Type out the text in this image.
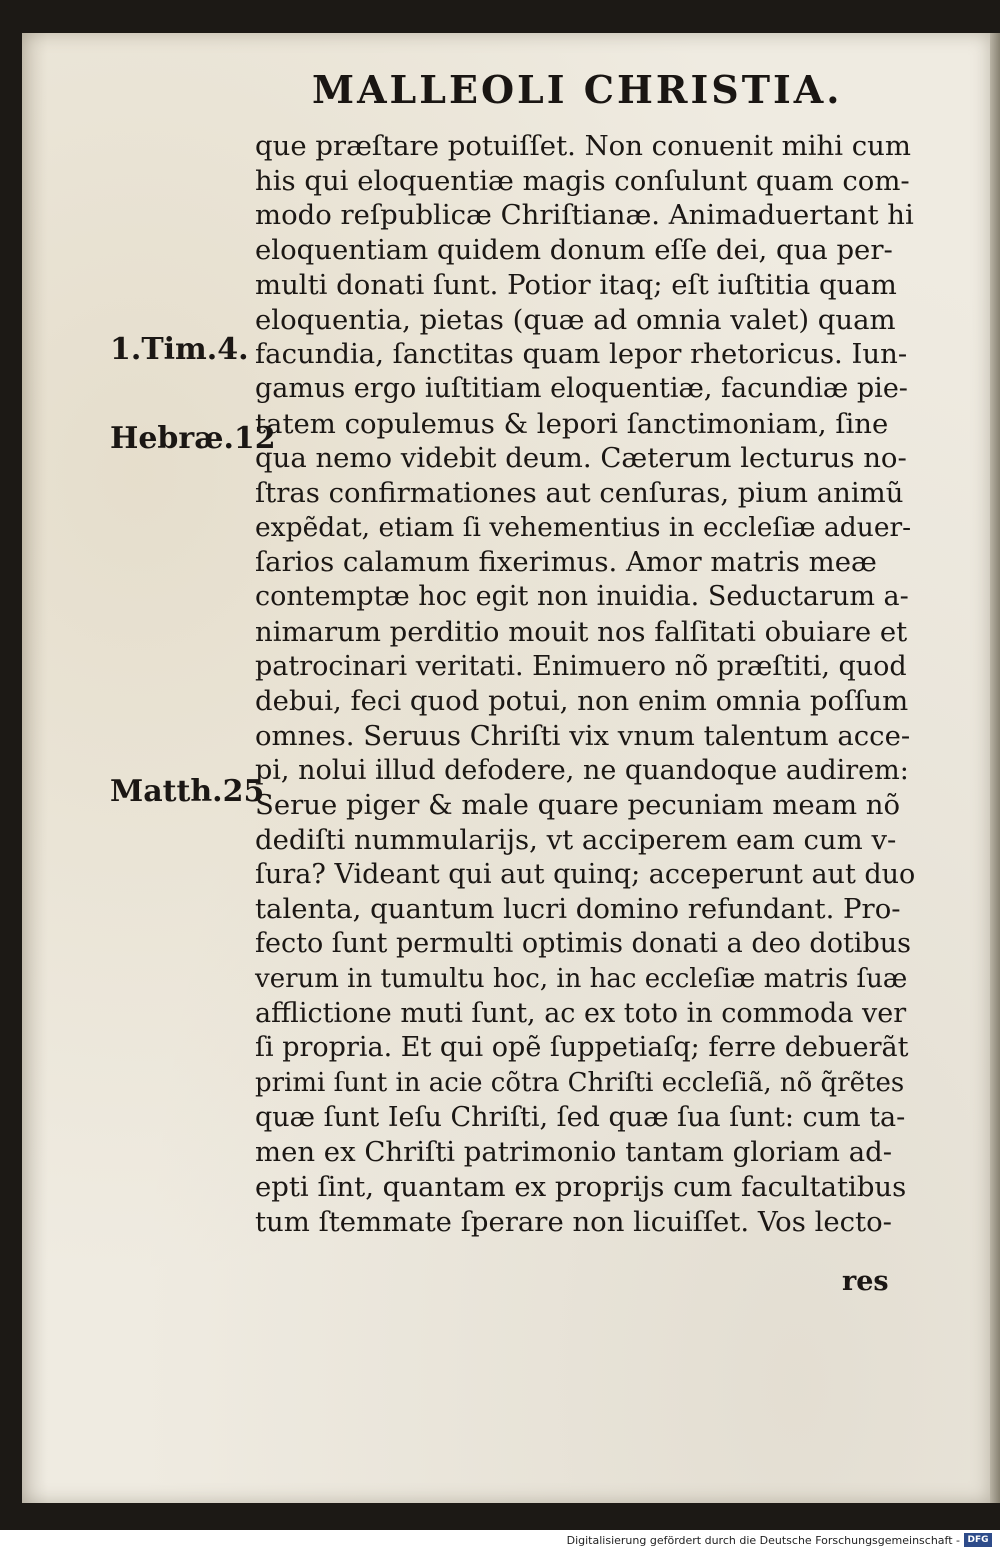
MALLEOLI CHRISTIA.
1.Tim.4.
Hebræ.12
Matth.25
que præſtare potuiſſet. Non conuenit mihi cum
his qui eloquentiæ magis conſulunt quam com-
modo reſpublicæ Chriſtianæ. Animaduertant hi
eloquentiam quidem donum eſſe dei, qua per-
multi donati ſunt. Potior itaq; eſt iuſtitia quam
eloquentia, pietas (quæ ad omnia valet) quam
facundia, ſanctitas quam lepor rhetoricus. Iun-
gamus ergo iuſtitiam eloquentiæ, facundiæ pie-
tatem copulemus & lepori ſanctimoniam, ſine
qua nemo videbit deum. Cæterum lecturus no-
ſtras confirmationes aut cenſuras, pium animũ
expẽdat, etiam ſi vehementius in eccleſiæ aduer-
ſarios calamum fixerimus. Amor matris meæ
contemptæ hoc egit non inuidia. Seductarum a-
nimarum perditio mouit nos falſitati obuiare et
patrocinari veritati. Enimuero nõ præſtiti, quod
debui, feci quod potui, non enim omnia poſſum
omnes. Seruus Chriſti vix vnum talentum acce-
pi, nolui illud defodere, ne quandoque audirem:
Serue piger & male quare pecuniam meam nõ
dediſti nummularijs, vt acciperem eam cum v-
ſura? Videant qui aut quinq; acceperunt aut duo
talenta, quantum lucri domino refundant. Pro-
fecto ſunt permulti optimis donati a deo dotibus
verum in tumultu hoc, in hac eccleſiæ matris ſuæ
afflictione muti ſunt, ac ex toto in commoda ver
ſi propria. Et qui opẽ ſuppetiaſq; ferre debuerãt
primi ſunt in acie cõtra Chriſti eccleſiã, nõ q̃rẽtes
quæ ſunt Ieſu Chriſti, ſed quæ ſua ſunt: cum ta-
men ex Chriſti patrimonio tantam gloriam ad-
epti ſint, quantam ex proprijs cum facultatibus
tum ſtemmate ſperare non licuiſſet. Vos lecto-
res
Digitalisierung gefördert durch die Deutsche Forschungsgemeinschaft - DFG
